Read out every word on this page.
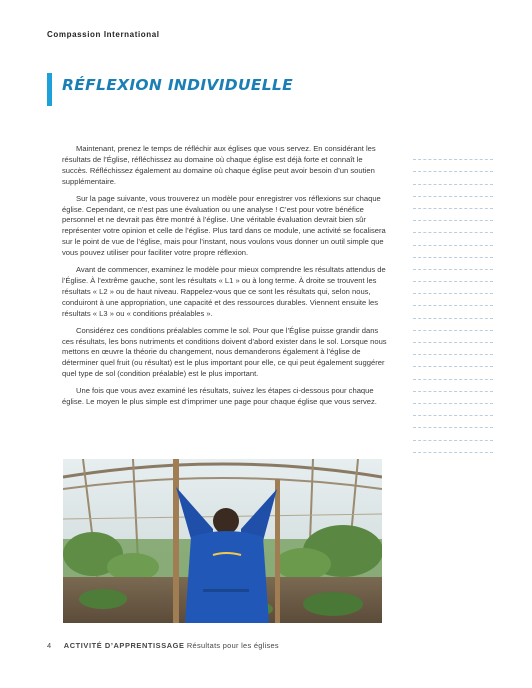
Compassion International
RÉFLEXION INDIVIDUELLE

Maintenant, prenez le temps de réfléchir aux églises que vous servez. En considérant les résultats de l’Église, réfléchissez au domaine où chaque église est déjà forte et connaît le succès. Réfléchissez également au domaine où chaque église peut avoir besoin d’un soutien supplémentaire.

Sur la page suivante, vous trouverez un modèle pour enregistrer vos réflexions sur chaque église. Cependant, ce n’est pas une évaluation ou une analyse ! C’est pour votre bénéfice personnel et ne devrait pas être montré à l’église. Une véritable évaluation devrait bien sûr représenter votre opinion et celle de l’église. Plus tard dans ce module, une activité se focalisera sur le point de vue de l’église, mais pour l’instant, nous voulons vous donner un outil simple que vous pouvez utiliser pour faciliter votre propre réflexion.

Avant de commencer, examinez le modèle pour mieux comprendre les résultats attendus de l’Église. À l’extrême gauche, sont les résultats « L1 » ou à long terme. À droite se trouvent les résultats « L2 » ou de haut niveau. Rappelez-vous que ce sont les résultats qui, selon nous, conduiront à une appropriation, une capacité et des ressources durables. Viennent ensuite les résultats « L3 » ou « conditions préalables ».

Considérez ces conditions préalables comme le sol. Pour que l’Église puisse grandir dans ces résultats, les bons nutriments et conditions doivent d’abord exister dans le sol. Lorsque nous mettons en œuvre la théorie du changement, nous demanderons également à l’église de déterminer quel fruit (ou résultat) est le plus important pour elle, ce qui peut également suggérer quel type de sol (condition préalable) est le plus important.

Une fois que vous avez examiné les résultats, suivez les étapes ci-dessous pour chaque église. Le moyen le plus simple est d’imprimer une page pour chaque église que vous servez.

4 ACTIVITÉ D’APPRENTISSAGE Résultats pour les églises
